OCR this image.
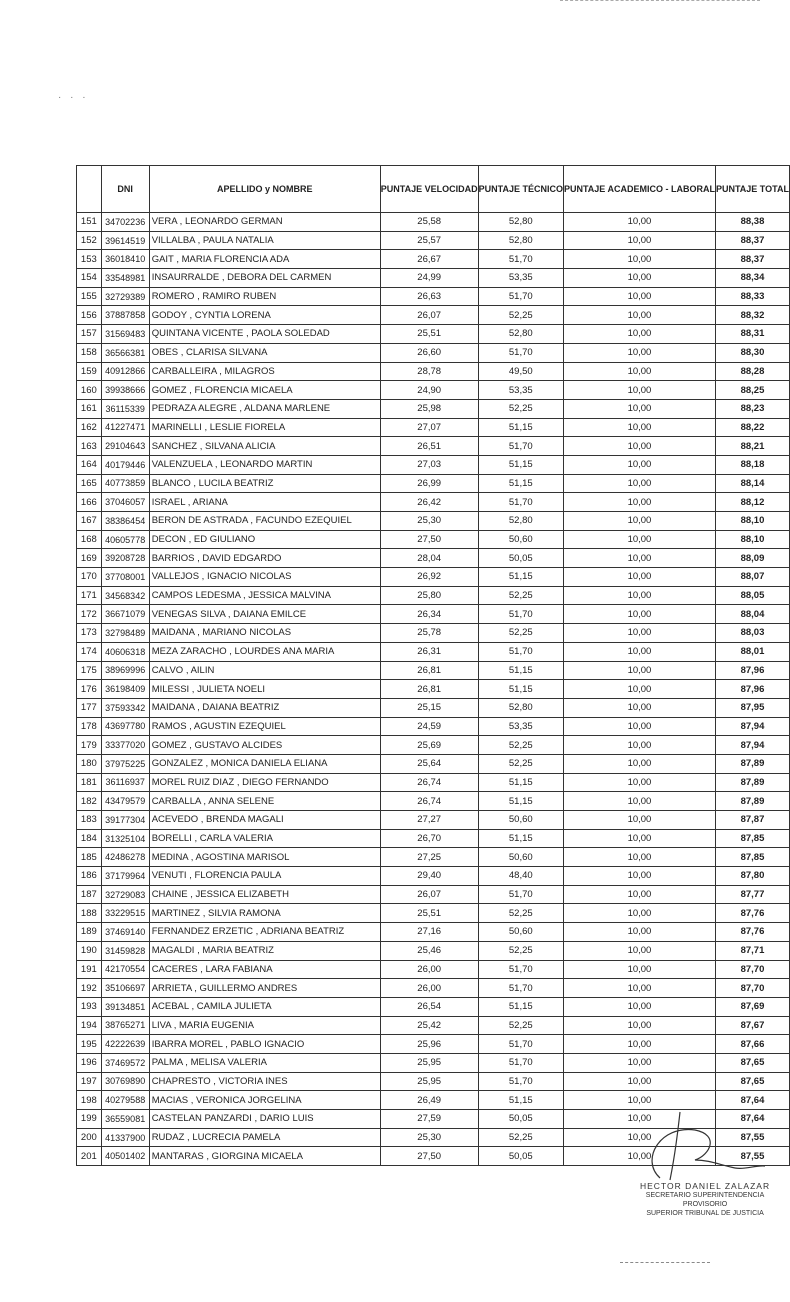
· · ·
	DNI	APELLIDO y NOMBRE	PUNTAJE VELOCIDAD	PUNTAJE TÉCNICO	PUNTAJE ACADEMICO - LABORAL	PUNTAJE TOTAL
151	34702236	VERA , LEONARDO GERMAN	25,58	52,80	10,00	88,38
152	39614519	VILLALBA , PAULA NATALIA	25,57	52,80	10,00	88,37
153	36018410	GAIT , MARIA FLORENCIA ADA	26,67	51,70	10,00	88,37
154	33548981	INSAURRALDE , DEBORA DEL CARMEN	24,99	53,35	10,00	88,34
155	32729389	ROMERO , RAMIRO RUBEN	26,63	51,70	10,00	88,33
156	37887858	GODOY , CYNTIA LORENA	26,07	52,25	10,00	88,32
157	31569483	QUINTANA VICENTE , PAOLA SOLEDAD	25,51	52,80	10,00	88,31
158	36566381	OBES , CLARISA SILVANA	26,60	51,70	10,00	88,30
159	40912866	CARBALLEIRA , MILAGROS	28,78	49,50	10,00	88,28
160	39938666	GOMEZ , FLORENCIA MICAELA	24,90	53,35	10,00	88,25
161	36115339	PEDRAZA ALEGRE , ALDANA MARLENE	25,98	52,25	10,00	88,23
162	41227471	MARINELLI , LESLIE FIORELA	27,07	51,15	10,00	88,22
163	29104643	SANCHEZ , SILVANA ALICIA	26,51	51,70	10,00	88,21
164	40179446	VALENZUELA , LEONARDO MARTIN	27,03	51,15	10,00	88,18
165	40773859	BLANCO , LUCILA BEATRIZ	26,99	51,15	10,00	88,14
166	37046057	ISRAEL , ARIANA	26,42	51,70	10,00	88,12
167	38386454	BERON DE ASTRADA , FACUNDO EZEQUIEL	25,30	52,80	10,00	88,10
168	40605778	DECON , ED GIULIANO	27,50	50,60	10,00	88,10
169	39208728	BARRIOS , DAVID EDGARDO	28,04	50,05	10,00	88,09
170	37708001	VALLEJOS , IGNACIO NICOLAS	26,92	51,15	10,00	88,07
171	34568342	CAMPOS LEDESMA , JESSICA MALVINA	25,80	52,25	10,00	88,05
172	36671079	VENEGAS SILVA , DAIANA EMILCE	26,34	51,70	10,00	88,04
173	32798489	MAIDANA , MARIANO NICOLAS	25,78	52,25	10,00	88,03
174	40606318	MEZA ZARACHO , LOURDES ANA MARIA	26,31	51,70	10,00	88,01
175	38969996	CALVO , AILIN	26,81	51,15	10,00	87,96
176	36198409	MILESSI , JULIETA NOELI	26,81	51,15	10,00	87,96
177	37593342	MAIDANA , DAIANA BEATRIZ	25,15	52,80	10,00	87,95
178	43697780	RAMOS , AGUSTIN EZEQUIEL	24,59	53,35	10,00	87,94
179	33377020	GOMEZ , GUSTAVO ALCIDES	25,69	52,25	10,00	87,94
180	37975225	GONZALEZ , MONICA DANIELA ELIANA	25,64	52,25	10,00	87,89
181	36116937	MOREL RUIZ DIAZ , DIEGO FERNANDO	26,74	51,15	10,00	87,89
182	43479579	CARBALLA , ANNA SELENE	26,74	51,15	10,00	87,89
183	39177304	ACEVEDO , BRENDA MAGALI	27,27	50,60	10,00	87,87
184	31325104	BORELLI , CARLA VALERIA	26,70	51,15	10,00	87,85
185	42486278	MEDINA , AGOSTINA MARISOL	27,25	50,60	10,00	87,85
186	37179964	VENUTI , FLORENCIA PAULA	29,40	48,40	10,00	87,80
187	32729083	CHAINE , JESSICA ELIZABETH	26,07	51,70	10,00	87,77
188	33229515	MARTINEZ , SILVIA RAMONA	25,51	52,25	10,00	87,76
189	37469140	FERNANDEZ ERZETIC , ADRIANA BEATRIZ	27,16	50,60	10,00	87,76
190	31459828	MAGALDI , MARIA BEATRIZ	25,46	52,25	10,00	87,71
191	42170554	CACERES , LARA FABIANA	26,00	51,70	10,00	87,70
192	35106697	ARRIETA , GUILLERMO ANDRES	26,00	51,70	10,00	87,70
193	39134851	ACEBAL , CAMILA JULIETA	26,54	51,15	10,00	87,69
194	38765271	LIVA , MARIA EUGENIA	25,42	52,25	10,00	87,67
195	42222639	IBARRA MOREL , PABLO IGNACIO	25,96	51,70	10,00	87,66
196	37469572	PALMA , MELISA VALERIA	25,95	51,70	10,00	87,65
197	30769890	CHAPRESTO , VICTORIA INES	25,95	51,70	10,00	87,65
198	40279588	MACIAS , VERONICA JORGELINA	26,49	51,15	10,00	87,64
199	36559081	CASTELAN PANZARDI , DARIO LUIS	27,59	50,05	10,00	87,64
200	41337900	RUDAZ , LUCRECIA PAMELA	25,30	52,25	10,00	87,55
201	40501402	MANTARAS , GIORGINA MICAELA	27,50	50,05	10,00	87,55
HECTOR DANIEL ZALAZAR
SECRETARIO SUPERINTENDENCIA
PROVISORIO
SUPERIOR TRIBUNAL DE JUSTICIA
